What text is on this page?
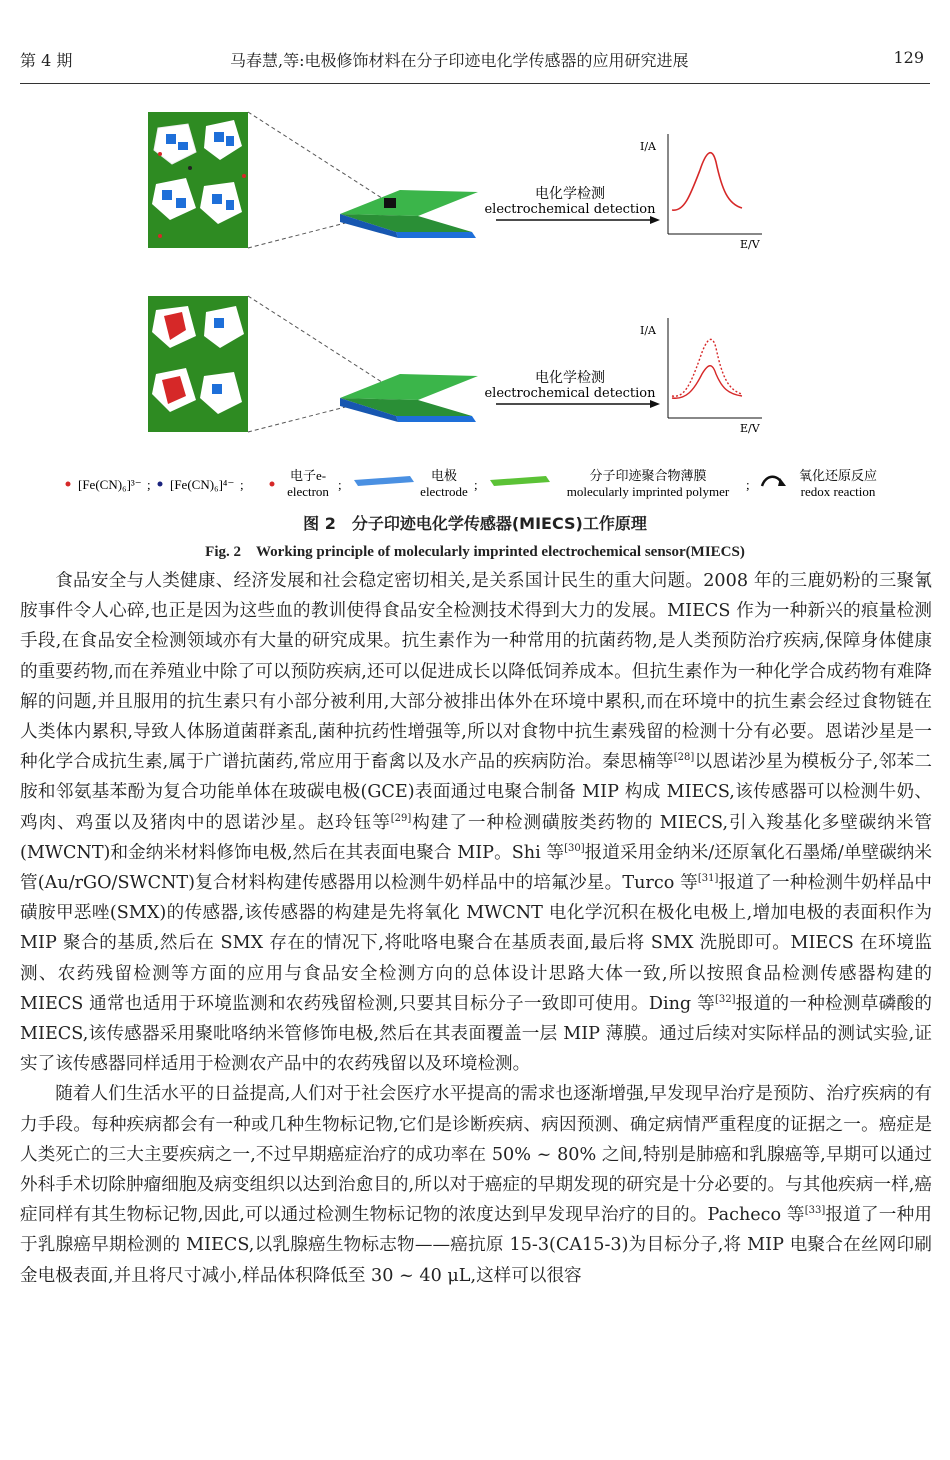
第 4 期	马春慧,等:电极修饰材料在分子印迹电化学传感器的应用研究进展	129
电化学检测
electrochemical detection
I/A
E/V
电化学检测
electrochemical detection
I/A
E/V
[Fe(CN)₆]³⁻ ; [Fe(CN)₆]⁴⁻ ;
电子e-
electron ;
电极
electrode ;
分子印迹聚合物薄膜
molecularly imprinted polymer ;
氧化还原反应
redox reaction
图 2　分子印迹电化学传感器(MIECS)工作原理
Fig. 2　Working principle of molecularly imprinted electrochemical sensor(MIECS)

食品安全与人类健康、经济发展和社会稳定密切相关,是关系国计民生的重大问题。2008 年的三鹿奶粉的三聚氰胺事件令人心碎,也正是因为这些血的教训使得食品安全检测技术得到大力的发展。MIECS 作为一种新兴的痕量检测手段,在食品安全检测领域亦有大量的研究成果。抗生素作为一种常用的抗菌药物,是人类预防治疗疾病,保障身体健康的重要药物,而在养殖业中除了可以预防疾病,还可以促进成长以降低饲养成本。但抗生素作为一种化学合成药物有难降解的问题,并且服用的抗生素只有小部分被利用,大部分被排出体外在环境中累积,而在环境中的抗生素会经过食物链在人类体内累积,导致人体肠道菌群紊乱,菌种抗药性增强等,所以对食物中抗生素残留的检测十分有必要。恩诺沙星是一种化学合成抗生素,属于广谱抗菌药,常应用于畜禽以及水产品的疾病防治。秦思楠等[28]以恩诺沙星为模板分子,邻苯二胺和邻氨基苯酚为复合功能单体在玻碳电极(GCE)表面通过电聚合制备 MIP 构成 MIECS,该传感器可以检测牛奶、鸡肉、鸡蛋以及猪肉中的恩诺沙星。赵玲钰等[29]构建了一种检测磺胺类药物的 MIECS,引入羧基化多壁碳纳米管(MWCNT)和金纳米材料修饰电极,然后在其表面电聚合 MIP。Shi 等[30]报道采用金纳米/还原氧化石墨烯/单壁碳纳米管(Au/rGO/SWCNT)复合材料构建传感器用以检测牛奶样品中的培氟沙星。Turco 等[31]报道了一种检测牛奶样品中磺胺甲恶唑(SMX)的传感器,该传感器的构建是先将氧化 MWCNT 电化学沉积在极化电极上,增加电极的表面积作为 MIP 聚合的基质,然后在 SMX 存在的情况下,将吡咯电聚合在基质表面,最后将 SMX 洗脱即可。MIECS 在环境监测、农药残留检测等方面的应用与食品安全检测方向的总体设计思路大体一致,所以按照食品检测传感器构建的 MIECS 通常也适用于环境监测和农药残留检测,只要其目标分子一致即可使用。Ding 等[32]报道的一种检测草磷酸的 MIECS,该传感器采用聚吡咯纳米管修饰电极,然后在其表面覆盖一层 MIP 薄膜。通过后续对实际样品的测试实验,证实了该传感器同样适用于检测农产品中的农药残留以及环境检测。

随着人们生活水平的日益提高,人们对于社会医疗水平提高的需求也逐渐增强,早发现早治疗是预防、治疗疾病的有力手段。每种疾病都会有一种或几种生物标记物,它们是诊断疾病、病因预测、确定病情严重程度的证据之一。癌症是人类死亡的三大主要疾病之一,不过早期癌症治疗的成功率在 50% ~ 80% 之间,特别是肺癌和乳腺癌等,早期可以通过外科手术切除肿瘤细胞及病变组织以达到治愈目的,所以对于癌症的早期发现的研究是十分必要的。与其他疾病一样,癌症同样有其生物标记物,因此,可以通过检测生物标记物的浓度达到早发现早治疗的目的。Pacheco 等[33]报道了一种用于乳腺癌早期检测的 MIECS,以乳腺癌生物标志物——癌抗原 15-3(CA15-3)为目标分子,将 MIP 电聚合在丝网印刷金电极表面,并且将尺寸减小,样品体积降低至 30 ~ 40 μL,这样可以很容
